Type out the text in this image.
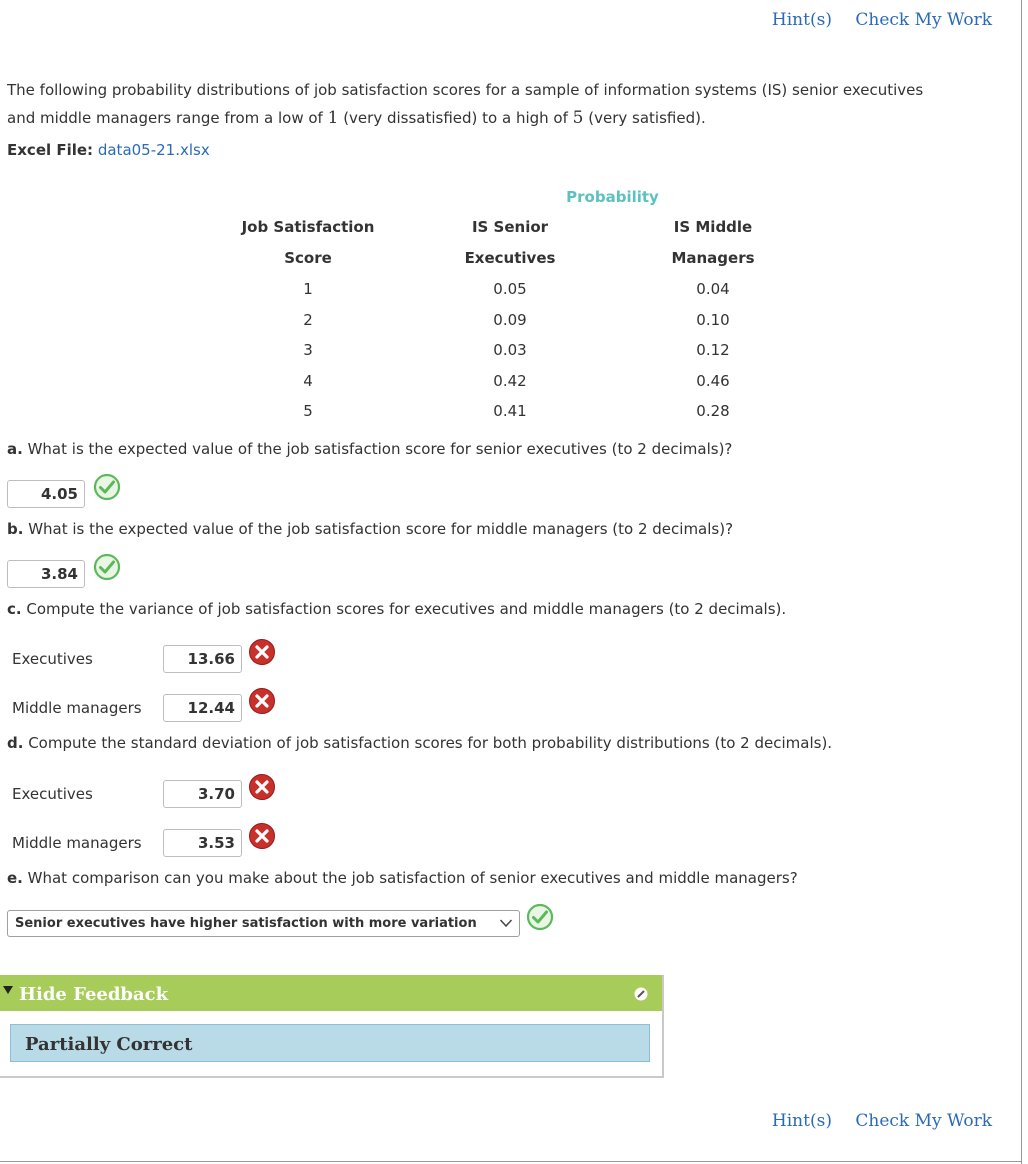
Hint(s) Check My Work
The following probability distributions of job satisfaction scores for a sample of information systems (IS) senior executives
and middle managers range from a low of 1 (very dissatisfied) to a high of 5 (very satisfied).
Excel File: data05-21.xlsx
Probability
Job Satisfaction
Score
IS Senior
Executives
IS Middle
Managers
1	0.05	0.04
2	0.09	0.10
3	0.03	0.12
4	0.42	0.46
5	0.41	0.28
a. What is the expected value of the job satisfaction score for senior executives (to 2 decimals)?
4.05
b. What is the expected value of the job satisfaction score for middle managers (to 2 decimals)?
3.84
c. Compute the variance of job satisfaction scores for executives and middle managers (to 2 decimals).
Executives	13.66
Middle managers	12.44
d. Compute the standard deviation of job satisfaction scores for both probability distributions (to 2 decimals).
Executives	3.70
Middle managers	3.53
e. What comparison can you make about the job satisfaction of senior executives and middle managers?
Senior executives have higher satisfaction with more variation
Hide Feedback
Partially Correct
Hint(s) Check My Work
